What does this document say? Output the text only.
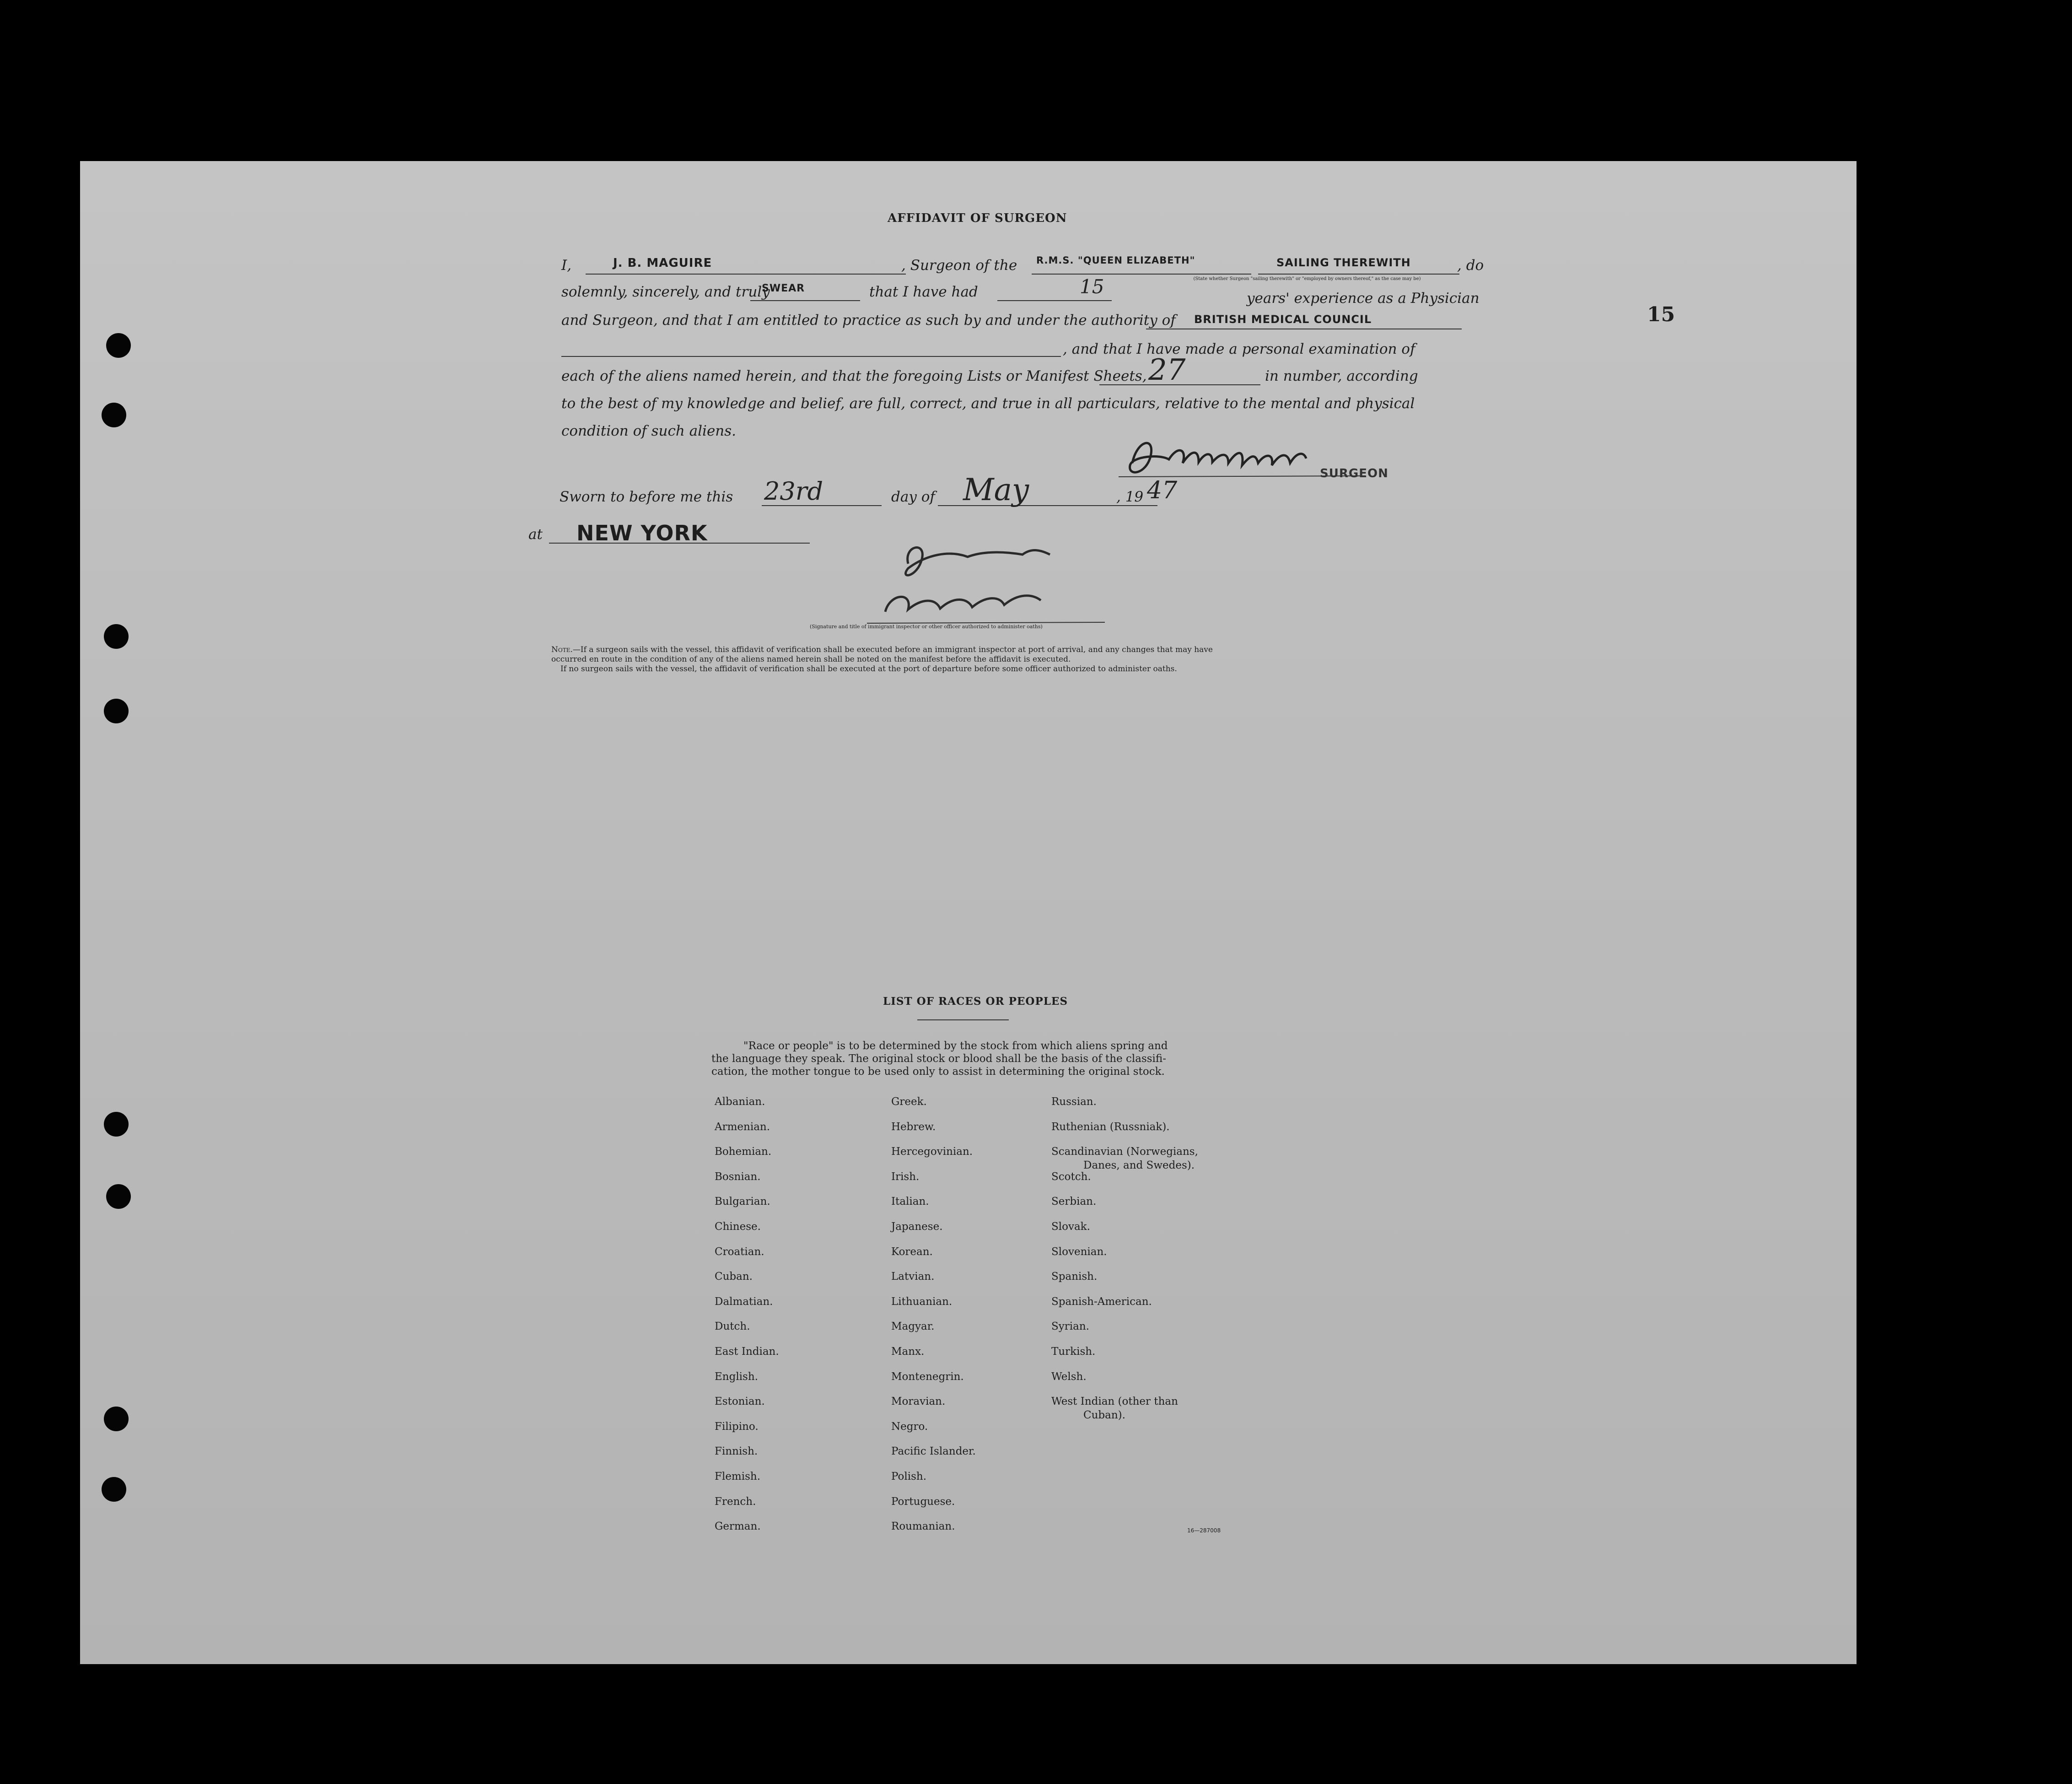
15
AFFIDAVIT OF SURGEON
I,	J. B. MAGUIRE	, Surgeon of the R.M.S. "QUEEN ELIZABETH"	SAILING THEREWITH	, do
(State whether Surgeon "sailing therewith" or "employed by owners thereof," as the case may be)
solemnly, sincerely, and truly
SWEAR	that I have had	15
years' experience as a Physician
and Surgeon, and that I am entitled to practice as such by and under the authority of BRITISH MEDICAL COUNCIL
, and that I have made a personal examination of
each of the aliens named herein, and that the foregoing Lists or Manifest Sheets, 27	in number, according
to the best of my knowledge and belief, are full, correct, and true in all particulars, relative to the mental and physical
condition of such aliens.
SURGEON
Sworn to before me this 23rd	day of May	, 19 47
at NEW YORK
(Signature and title of immigrant inspector or other officer authorized to administer oaths)
Note.—If a surgeon sails with the vessel, this affidavit of verification shall be executed before an immigrant inspector at port of arrival, and any changes that may have
occurred en route in the condition of any of the aliens named herein shall be noted on the manifest before the affidavit is executed.
If no surgeon sails with the vessel, the affidavit of verification shall be executed at the port of departure before some officer authorized to administer oaths.
LIST OF RACES OR PEOPLES
"Race or people" is to be determined by the stock from which aliens spring and
the language they speak. The original stock or blood shall be the basis of the classifi-
cation, the mother tongue to be used only to assist in determining the original stock.
Albanian.
Armenian.
Bohemian.
Bosnian.
Bulgarian.
Chinese.
Croatian.
Cuban.
Dalmatian.
Dutch.
East Indian.
English.
Estonian.
Filipino.
Finnish.
Flemish.
French.
German.
Greek.
Hebrew.
Hercegovinian.
Irish.
Italian.
Japanese.
Korean.
Latvian.
Lithuanian.
Magyar.
Manx.
Montenegrin.
Moravian.
Negro.
Pacific Islander.
Polish.
Portuguese.
Roumanian.
Russian.
Ruthenian (Russniak).
Scandinavian (Norwegians,
Danes, and Swedes).
Scotch.
Serbian.
Slovak.
Slovenian.
Spanish.
Spanish-American.
Syrian.
Turkish.
Welsh.
West Indian (other than
Cuban).
16—287008
